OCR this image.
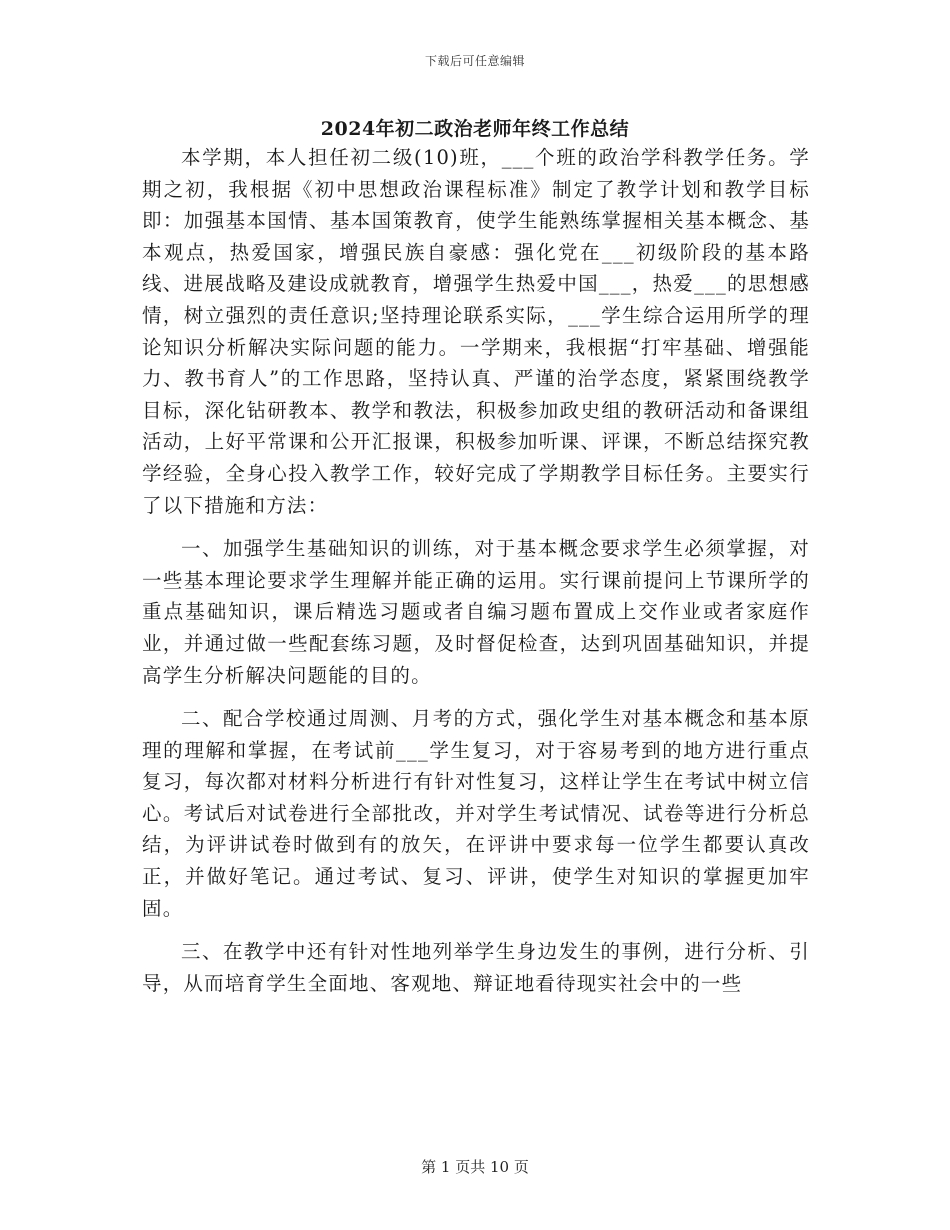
下载后可任意编辑
2024年初二政治老师年终工作总结

本学期，本人担任初二级(10)班，___个班的政治学科教学任务。学期之初，我根据《初中思想政治课程标准》制定了教学计划和教学目标即：加强基本国情、基本国策教育，使学生能熟练掌握相关基本概念、基本观点，热爱国家，增强民族自豪感：强化党在___初级阶段的基本路线、进展战略及建设成就教育，增强学生热爱中国___，热爱___的思想感情，树立强烈的责任意识;坚持理论联系实际，___学生综合运用所学的理论知识分析解决实际问题的能力。一学期来，我根据“打牢基础、增强能力、教书育人”的工作思路，坚持认真、严谨的治学态度，紧紧围绕教学目标，深化钻研教本、教学和教法，积极参加政史组的教研活动和备课组活动，上好平常课和公开汇报课，积极参加听课、评课，不断总结探究教学经验，全身心投入教学工作，较好完成了学期教学目标任务。主要实行了以下措施和方法：

一、加强学生基础知识的训练，对于基本概念要求学生必须掌握，对一些基本理论要求学生理解并能正确的运用。实行课前提问上节课所学的重点基础知识，课后精选习题或者自编习题布置成上交作业或者家庭作业，并通过做一些配套练习题，及时督促检查，达到巩固基础知识，并提高学生分析解决问题能的目的。

二、配合学校通过周测、月考的方式，强化学生对基本概念和基本原理的理解和掌握，在考试前___学生复习，对于容易考到的地方进行重点复习，每次都对材料分析进行有针对性复习，这样让学生在考试中树立信心。考试后对试卷进行全部批改，并对学生考试情况、试卷等进行分析总结，为评讲试卷时做到有的放矢，在评讲中要求每一位学生都要认真改正，并做好笔记。通过考试、复习、评讲，使学生对知识的掌握更加牢固。

三、在教学中还有针对性地列举学生身边发生的事例，进行分析、引导，从而培育学生全面地、客观地、辩证地看待现实社会中的一些

第 1 页共 10 页
